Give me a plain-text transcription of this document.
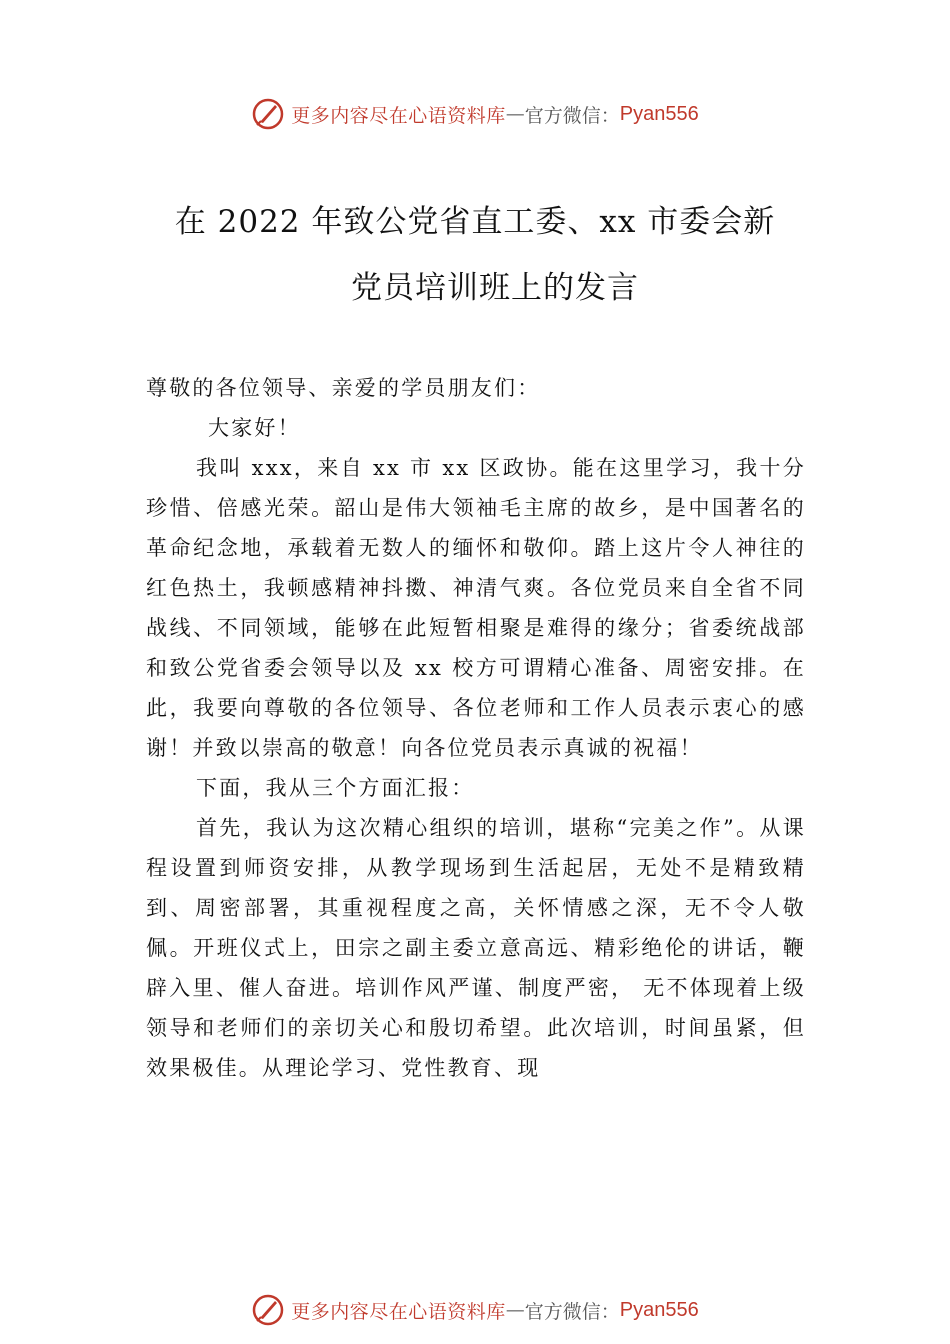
更多内容尽在心语资料库 — 官方微信： Pyan556
在 2022 年致公党省直工委、xx 市委会新
党员培训班上的发言

尊敬的各位领导、亲爱的学员朋友们：

大家好！

我叫 xxx，来自 xx 市 xx 区政协。能在这里学习，我十分珍惜、倍感光荣。韶山是伟大领袖毛主席的故乡，是中国著名的革命纪念地，承载着无数人的缅怀和敬仰。踏上这片令人神往的红色热土，我顿感精神抖擞、神清气爽。各位党员来自全省不同战线、不同领域，能够在此短暂相聚是难得的缘分；省委统战部和致公党省委会领导以及 xx 校方可谓精心准备、周密安排。在此，我要向尊敬的各位领导、各位老师和工作人员表示衷心的感谢！并致以崇高的敬意！向各位党员表示真诚的祝福！

下面，我从三个方面汇报：

首先，我认为这次精心组织的培训，堪称“完美之作”。从课程设置到师资安排，从教学现场到生活起居，无处不是精致精到、周密部署，其重视程度之高，关怀情感之深，无不令人敬佩。开班仪式上，田宗之副主委立意高远、精彩绝伦的讲话，鞭辟入里、催人奋进。培训作风严谨、制度严密， 无不体现着上级领导和老师们的亲切关心和殷切希望。此次培训，时间虽紧，但效果极佳。从理论学习、党性教育、现

更多内容尽在心语资料库 — 官方微信： Pyan556
